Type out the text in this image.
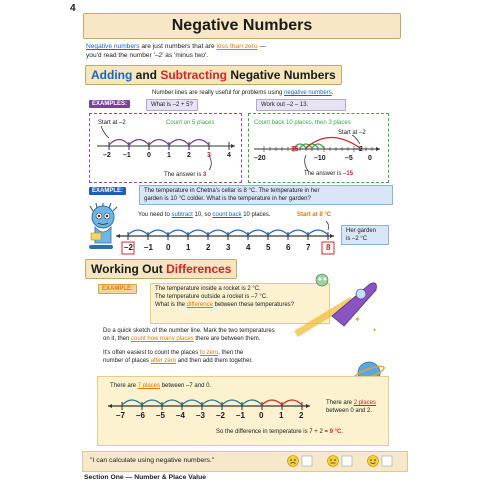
4
Negative Numbers
Negative numbers are just numbers that are less than zero —
you'd read the number '–2' as 'minus two'.
Adding and Subtracting Negative Numbers
Number lines are really useful for problems using negative numbers.
EXAMPLES:	What is –2 + 5?	Work out –2 – 13.
Start at –2	Count on 5 places
–2 –1 0 1 2 3 4
The answer is 3
Count back 10 places, then 3 places
Start at –2
–20
–15
–10	–5
–2
0
The answer is –15
EXAMPLE:	The temperature in Chetna's cellar is 8 °C. The temperature in her
garden is 10 °C colder. What is the temperature in her garden?
You need to subtract 10, so count back 10 places.	Start at 8 °C
–2 –1 0 1 2 3 4 5 6 7 8
Her garden
is –2 °C
Working Out Differences
EXAMPLE:	The temperature inside a rocket is 2 °C.
The temperature outside a rocket is –7 °C.
What is the difference between these temperatures?
✦
✦
Do a quick sketch of the number line. Mark the two temperatures
on it, then count how many places there are between them.
It's often easiest to count the places to zero, then the
number of places after zero and then add them together.
There are 7 places between –7 and 0.
–7 –6 –5 –4 –3 –2 –1 0 1 2
There are 2 places
between 0 and 2.
So the difference in temperature is 7 + 2 = 9 °C.
"I can calculate using negative numbers."
Section One — Number & Place Value
